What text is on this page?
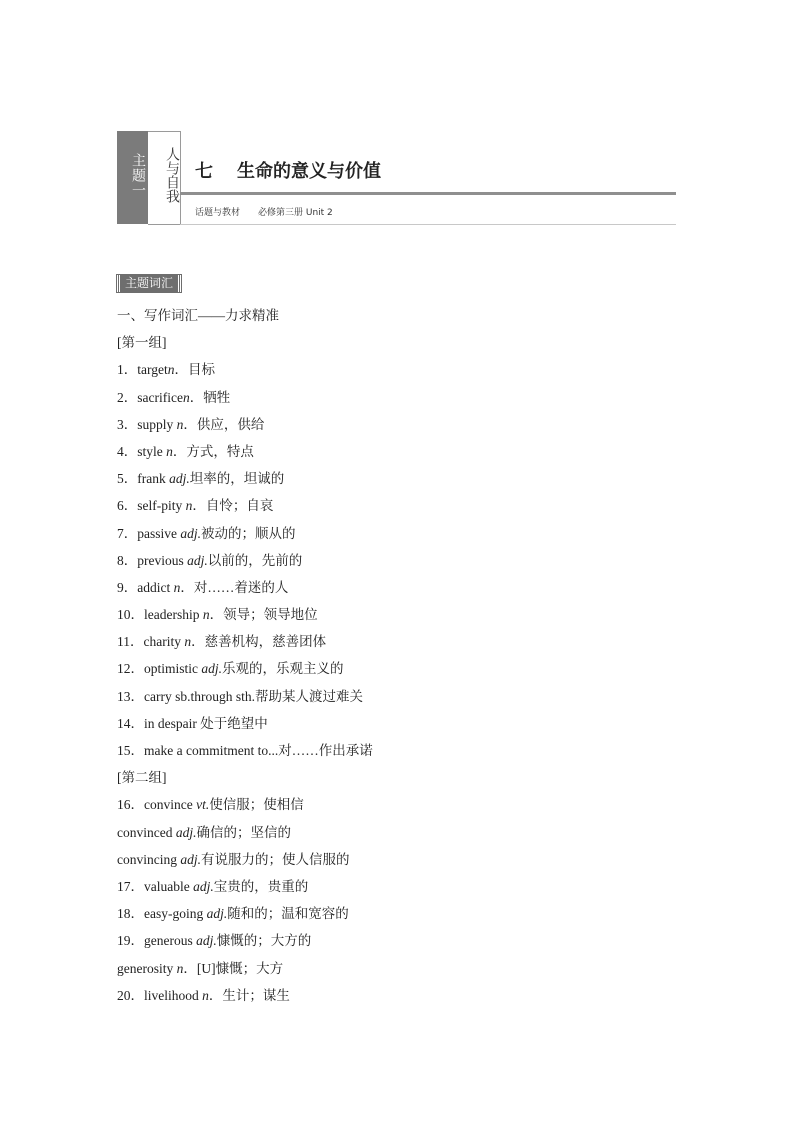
主题一	人与自我 七 生命的意义与价值
话题与教材 必修第三册 Unit 2
主题词汇
一、写作词汇——力求精准
[第一组]
1．targetn．目标
2．sacrificen．牺牲
3．supply n．供应，供给
4．style n．方式，特点
5．frank adj.坦率的，坦诚的
6．self-pity n．自怜；自哀
7．passive adj.被动的；顺从的
8．previous adj.以前的，先前的
9．addict n．对……着迷的人
10．leadership n．领导；领导地位
11．charity n．慈善机构，慈善团体
12．optimistic adj.乐观的，乐观主义的
13．carry sb.through sth.帮助某人渡过难关
14．in despair 处于绝望中
15．make a commitment to...对……作出承诺
[第二组]
16．convince vt.使信服；使相信
convinced adj.确信的；坚信的
convincing adj.有说服力的；使人信服的
17．valuable adj.宝贵的，贵重的
18．easy-going adj.随和的；温和宽容的
19．generous adj.慷慨的；大方的
generosity n．[U]慷慨；大方
20．livelihood n．生计；谋生
